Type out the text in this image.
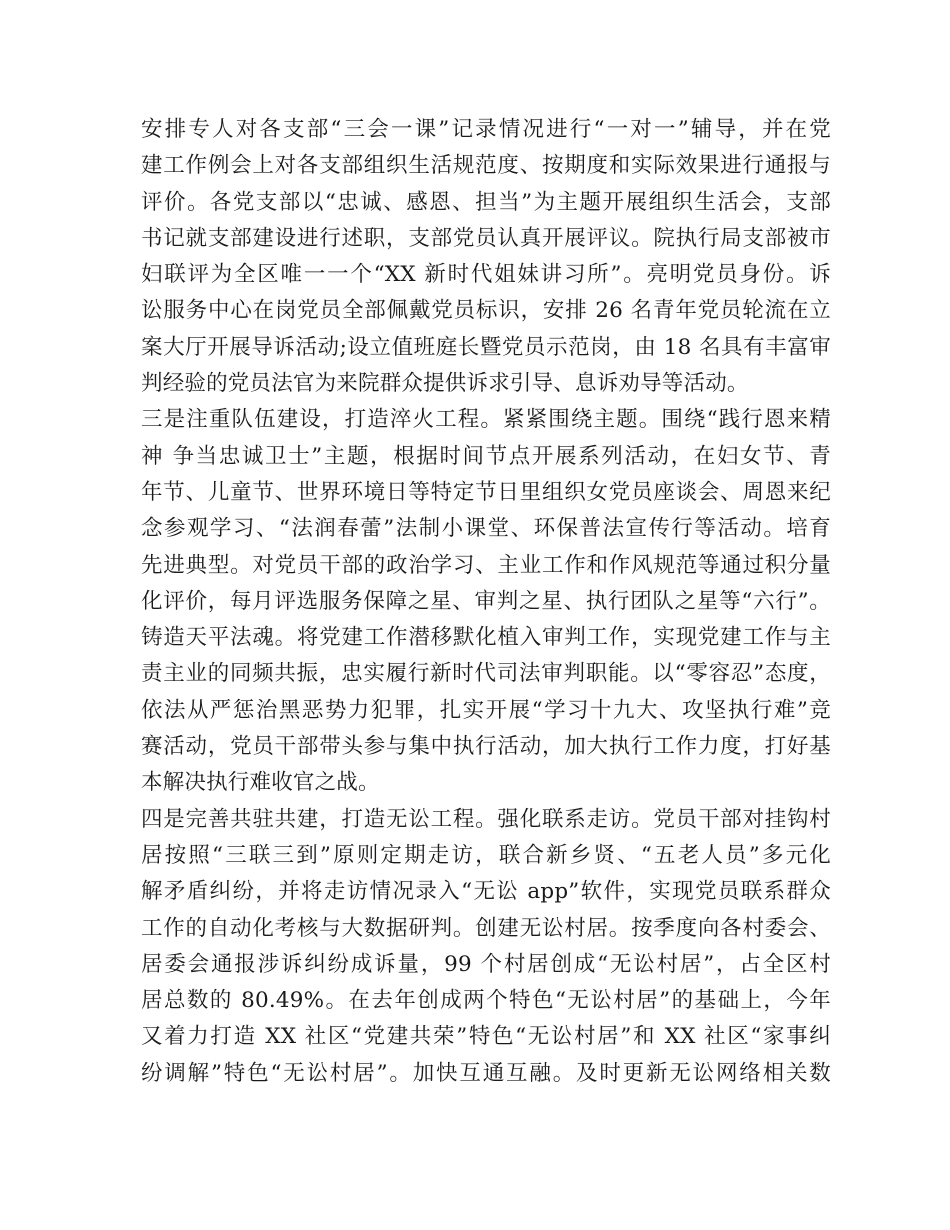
安排专人对各支部“三会一课”记录情况进行“一对一”辅导，并在党
建工作例会上对各支部组织生活规范度、按期度和实际效果进行通报与
评价。各党支部以“忠诚、感恩、担当”为主题开展组织生活会，支部
书记就支部建设进行述职，支部党员认真开展评议。院执行局支部被市
妇联评为全区唯一一个“XX 新时代姐妹讲习所”。亮明党员身份。诉
讼服务中心在岗党员全部佩戴党员标识，安排 26 名青年党员轮流在立
案大厅开展导诉活动;设立值班庭长暨党员示范岗，由 18 名具有丰富审
判经验的党员法官为来院群众提供诉求引导、息诉劝导等活动。
三是注重队伍建设，打造淬火工程。紧紧围绕主题。围绕“践行恩来精
神 争当忠诚卫士”主题，根据时间节点开展系列活动，在妇女节、青
年节、儿童节、世界环境日等特定节日里组织女党员座谈会、周恩来纪
念参观学习、“法润春蕾”法制小课堂、环保普法宣传行等活动。培育
先进典型。对党员干部的政治学习、主业工作和作风规范等通过积分量
化评价，每月评选服务保障之星、审判之星、执行团队之星等“六行”。
铸造天平法魂。将党建工作潜移默化植入审判工作，实现党建工作与主
责主业的同频共振，忠实履行新时代司法审判职能。以“零容忍”态度，
依法从严惩治黑恶势力犯罪，扎实开展“学习十九大、攻坚执行难”竞
赛活动，党员干部带头参与集中执行活动，加大执行工作力度，打好基
本解决执行难收官之战。
四是完善共驻共建，打造无讼工程。强化联系走访。党员干部对挂钩村
居按照“三联三到”原则定期走访，联合新乡贤、“五老人员”多元化
解矛盾纠纷，并将走访情况录入“无讼 app”软件，实现党员联系群众
工作的自动化考核与大数据研判。创建无讼村居。按季度向各村委会、
居委会通报涉诉纠纷成诉量，99 个村居创成“无讼村居”，占全区村
居总数的 80.49%。在去年创成两个特色“无讼村居”的基础上，今年
又着力打造 XX 社区“党建共荣”特色“无讼村居”和 XX 社区“家事纠
纷调解”特色“无讼村居”。加快互通互融。及时更新无讼网络相关数
